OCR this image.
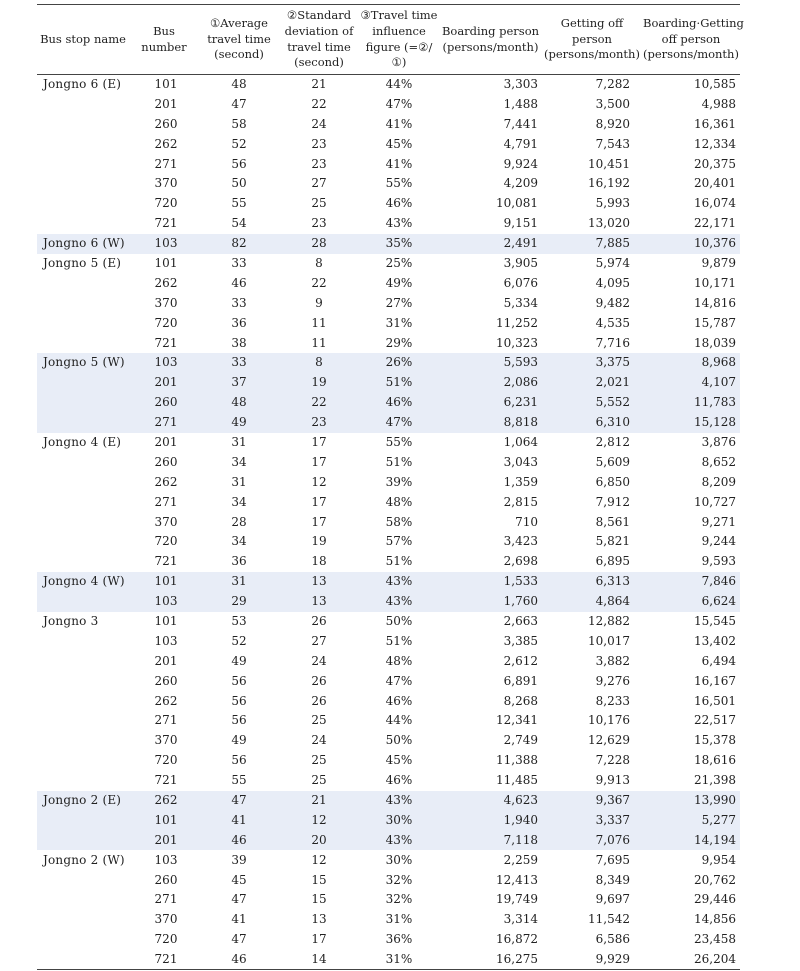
Bus stop name	Bus number	①Average travel time (second)	②Standard deviation of travel time (second)	③Travel time influence figure (=②/①)	Boarding person (persons/month)	Getting off person (persons/month)	Boarding·Getting off person (persons/month)
Jongno 6 (E)	101	48	21	44%	3,303	7,282	10,585
	201	47	22	47%	1,488	3,500	4,988
	260	58	24	41%	7,441	8,920	16,361
	262	52	23	45%	4,791	7,543	12,334
	271	56	23	41%	9,924	10,451	20,375
	370	50	27	55%	4,209	16,192	20,401
	720	55	25	46%	10,081	5,993	16,074
	721	54	23	43%	9,151	13,020	22,171
Jongno 6 (W)	103	82	28	35%	2,491	7,885	10,376
Jongno 5 (E)	101	33	8	25%	3,905	5,974	9,879
	262	46	22	49%	6,076	4,095	10,171
	370	33	9	27%	5,334	9,482	14,816
	720	36	11	31%	11,252	4,535	15,787
	721	38	11	29%	10,323	7,716	18,039
Jongno 5 (W)	103	33	8	26%	5,593	3,375	8,968
	201	37	19	51%	2,086	2,021	4,107
	260	48	22	46%	6,231	5,552	11,783
	271	49	23	47%	8,818	6,310	15,128
Jongno 4 (E)	201	31	17	55%	1,064	2,812	3,876
	260	34	17	51%	3,043	5,609	8,652
	262	31	12	39%	1,359	6,850	8,209
	271	34	17	48%	2,815	7,912	10,727
	370	28	17	58%	710	8,561	9,271
	720	34	19	57%	3,423	5,821	9,244
	721	36	18	51%	2,698	6,895	9,593
Jongno 4 (W)	101	31	13	43%	1,533	6,313	7,846
	103	29	13	43%	1,760	4,864	6,624
Jongno 3	101	53	26	50%	2,663	12,882	15,545
	103	52	27	51%	3,385	10,017	13,402
	201	49	24	48%	2,612	3,882	6,494
	260	56	26	47%	6,891	9,276	16,167
	262	56	26	46%	8,268	8,233	16,501
	271	56	25	44%	12,341	10,176	22,517
	370	49	24	50%	2,749	12,629	15,378
	720	56	25	45%	11,388	7,228	18,616
	721	55	25	46%	11,485	9,913	21,398
Jongno 2 (E)	262	47	21	43%	4,623	9,367	13,990
	101	41	12	30%	1,940	3,337	5,277
	201	46	20	43%	7,118	7,076	14,194
Jongno 2 (W)	103	39	12	30%	2,259	7,695	9,954
	260	45	15	32%	12,413	8,349	20,762
	271	47	15	32%	19,749	9,697	29,446
	370	41	13	31%	3,314	11,542	14,856
	720	47	17	36%	16,872	6,586	23,458
	721	46	14	31%	16,275	9,929	26,204
